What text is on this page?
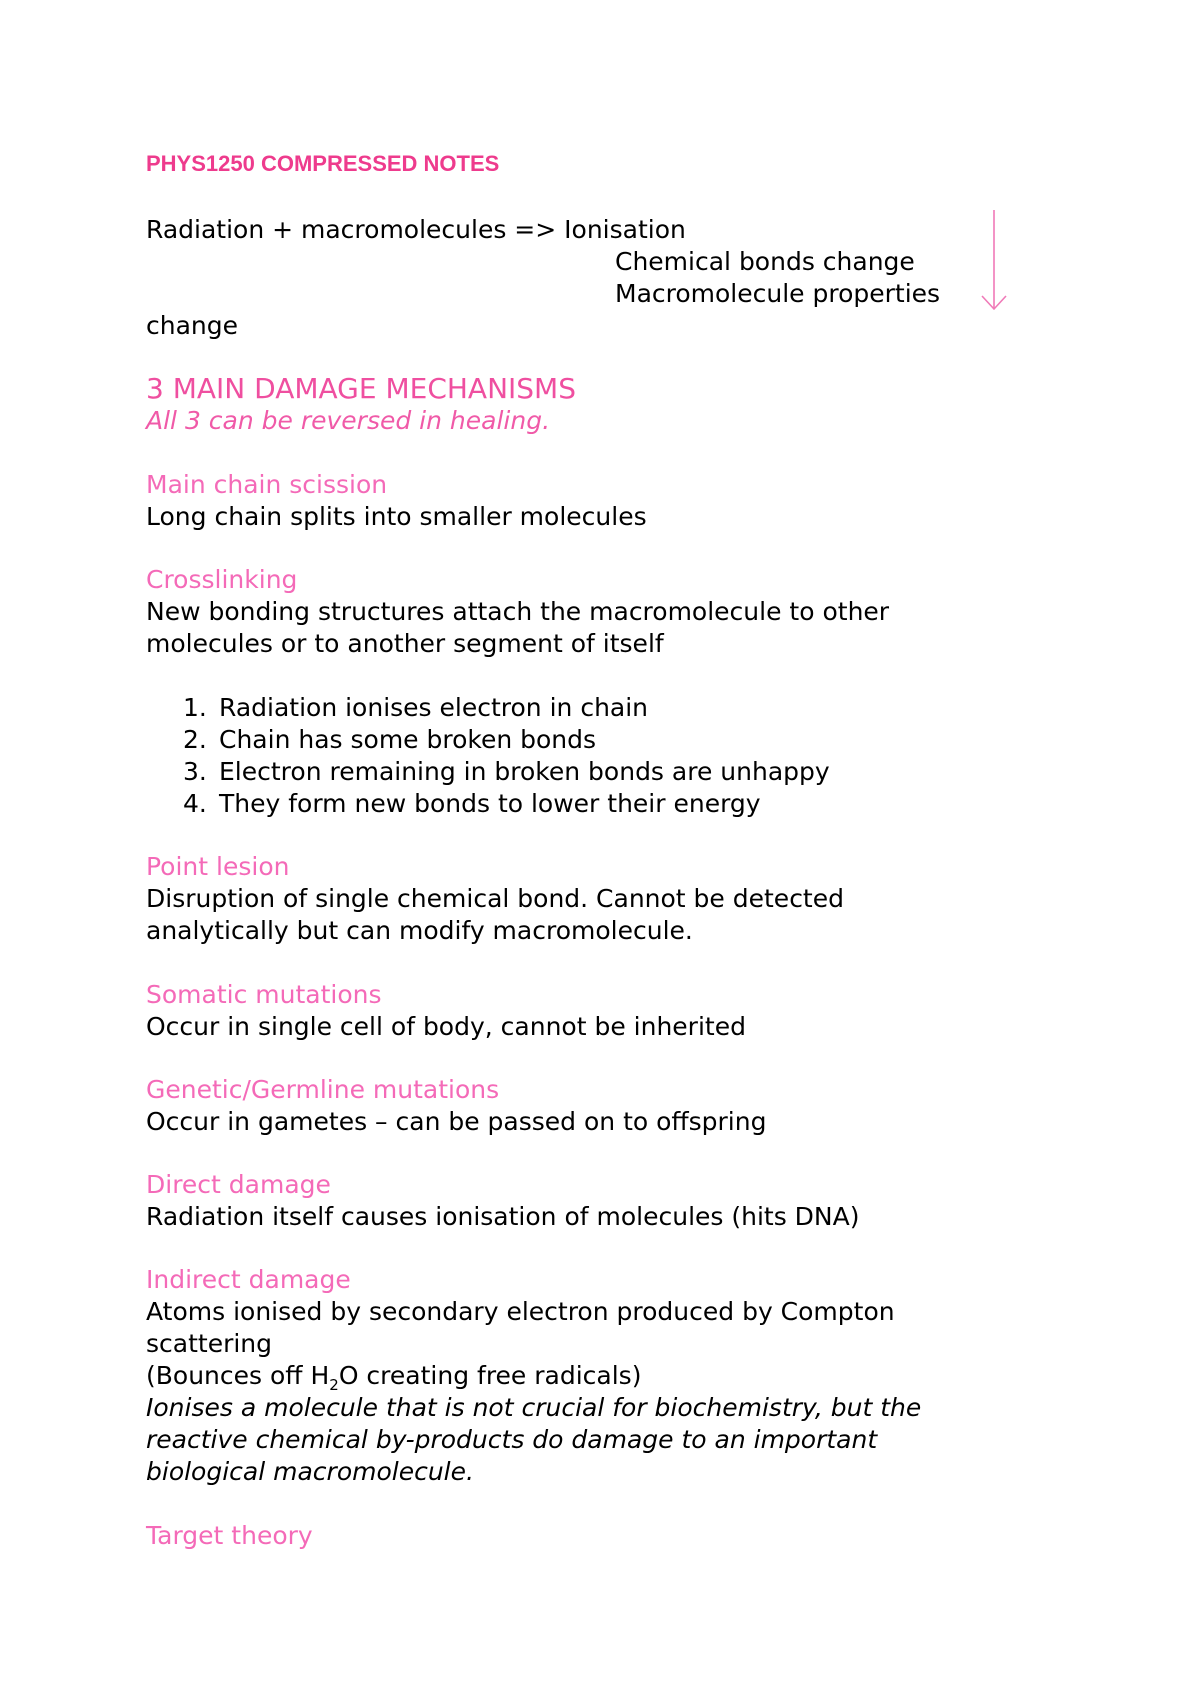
PHYS1250 COMPRESSED NOTES
Radiation + macromolecules => Ionisation
Chemical bonds change
Macromolecule properties
change
3 MAIN DAMAGE MECHANISMS
All 3 can be reversed in healing.
Main chain scission
Long chain splits into smaller molecules
Crosslinking
New bonding structures attach the macromolecule to other
molecules or to another segment of itself
1. Radiation ionises electron in chain
2. Chain has some broken bonds
3. Electron remaining in broken bonds are unhappy
4. They form new bonds to lower their energy
Point lesion
Disruption of single chemical bond. Cannot be detected
analytically but can modify macromolecule.
Somatic mutations
Occur in single cell of body, cannot be inherited
Genetic/Germline mutations
Occur in gametes – can be passed on to offspring
Direct damage
Radiation itself causes ionisation of molecules (hits DNA)
Indirect damage
Atoms ionised by secondary electron produced by Compton
scattering
(Bounces off $H_2O$ creating free radicals)
Ionises a molecule that is not crucial for biochemistry, but the
reactive chemical by-products do damage to an important
biological macromolecule.
Target theory
